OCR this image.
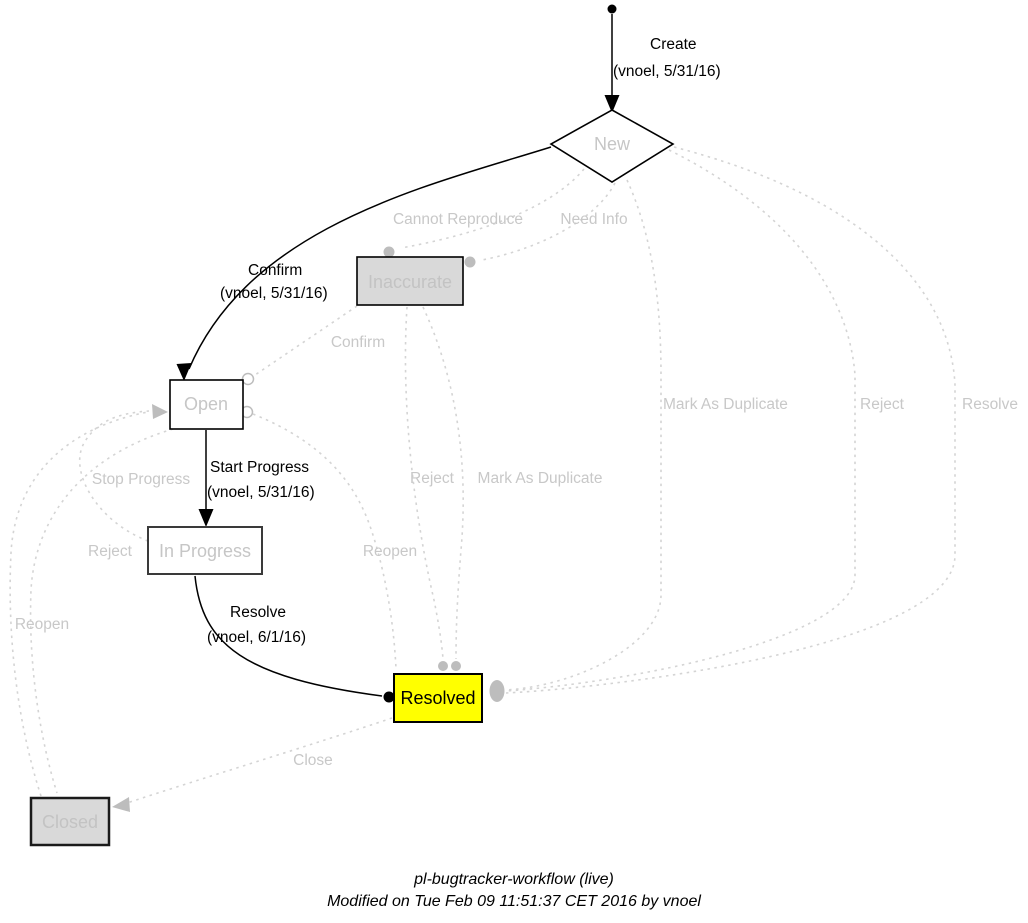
Cannot Reproduce Need Info
Mark As Duplicate	Reject	Resolve
Confirm
Reject Mark As Duplicate
Reopen
Stop Progress
Reject
Reopen
Close
Create
(vnoel, 5/31/16)
Confirm
(vnoel, 5/31/16)
Start Progress
(vnoel, 5/31/16)
Resolve
(vnoel, 6/1/16)
New
Inaccurate
Open
In Progress
Resolved
Closed
pl-bugtracker-workflow (live)
Modified on Tue Feb 09 11:51:37 CET 2016 by vnoel
